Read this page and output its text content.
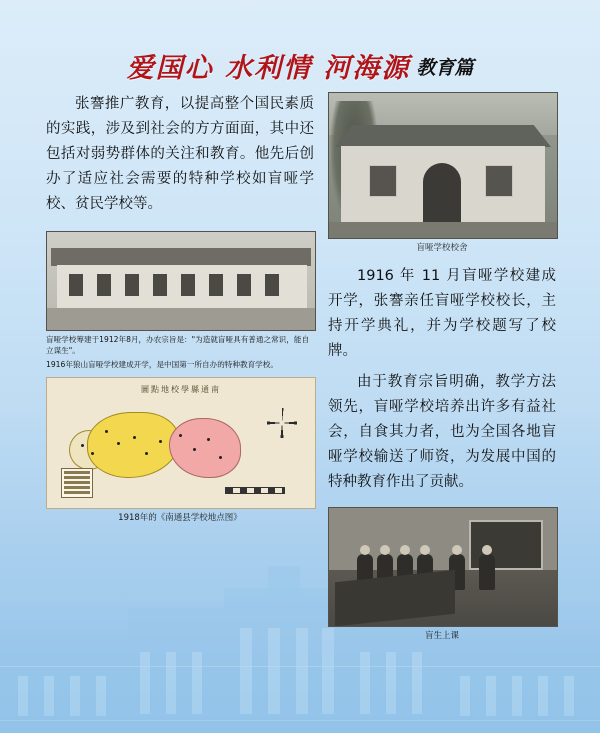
爱国心 水利情 河海源 教育篇

张謇推广教育，以提高整个国民素质的实践，涉及到社会的方方面面，其中还包括对弱势群体的关注和教育。他先后创办了适应社会需要的特种学校如盲哑学校、贫民学校等。

盲哑学校筹建于1912年8月，办农宗旨是："为造就盲哑具有普通之常识，能自立谋生"。
1916年狼山盲哑学校建成开学，是中国第一所自办的特种教育学校。
圖點地校學縣通南
1918年的《南通县学校地点图》
盲哑学校校舍

1916 年 11 月盲哑学校建成开学，张謇亲任盲哑学校校长，主持开学典礼，并为学校题写了校牌。

由于教育宗旨明确，教学方法领先，盲哑学校培养出许多有益社会，自食其力者，也为全国各地盲哑学校输送了师资，为发展中国的特种教育作出了贡献。

盲生上课
